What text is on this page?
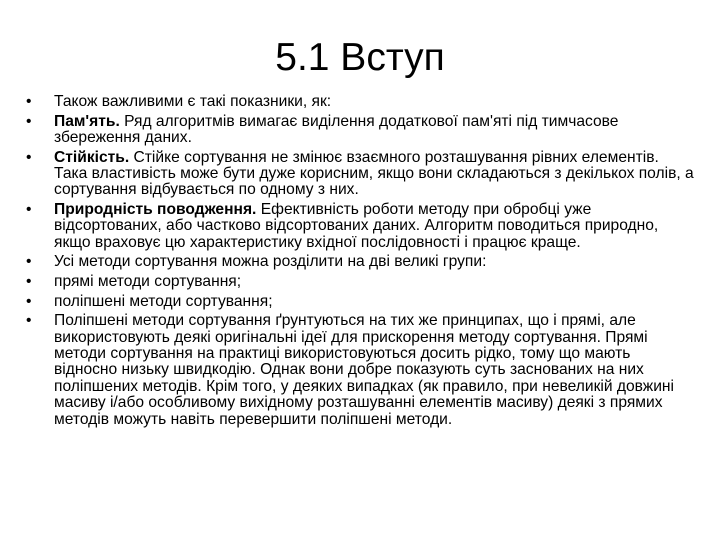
5.1 Вступ
•	Також важливими є такі показники, як:
•	Пам'ять. Ряд алгоритмів вимагає виділення додаткової пам'яті під тимчасове збереження даних.
•	Стійкість. Стійке сортування не змінює взаємного розташування рівних елементів. Така властивість може бути дуже корисним, якщо вони складаються з декількох полів, а сортування відбувається по одному з них.
•	Природність поводження. Ефективність роботи методу при обробці уже відсортованих, або частково відсортованих даних. Алгоритм поводиться природно, якщо враховує цю характеристику вхідної послідовності і працює краще.
•	Усі методи сортування можна розділити на дві великі групи:
•	прямі методи сортування;
•	поліпшені методи сортування;
•	Поліпшені методи сортування ґрунтуються на тих же принципах, що і прямі, але використовують деякі оригінальні ідеї для прискорення методу сортування. Прямі методи сортування на практиці використовуються досить рідко, тому що мають відносно низьку швидкодію. Однак вони добре показують суть заснованих на них поліпшених методів. Крім того, у деяких випадках (як правило, при невеликій довжині масиву і/або особливому вихідному розташуванні елементів масиву) деякі з прямих методів можуть навіть перевершити поліпшені методи.
